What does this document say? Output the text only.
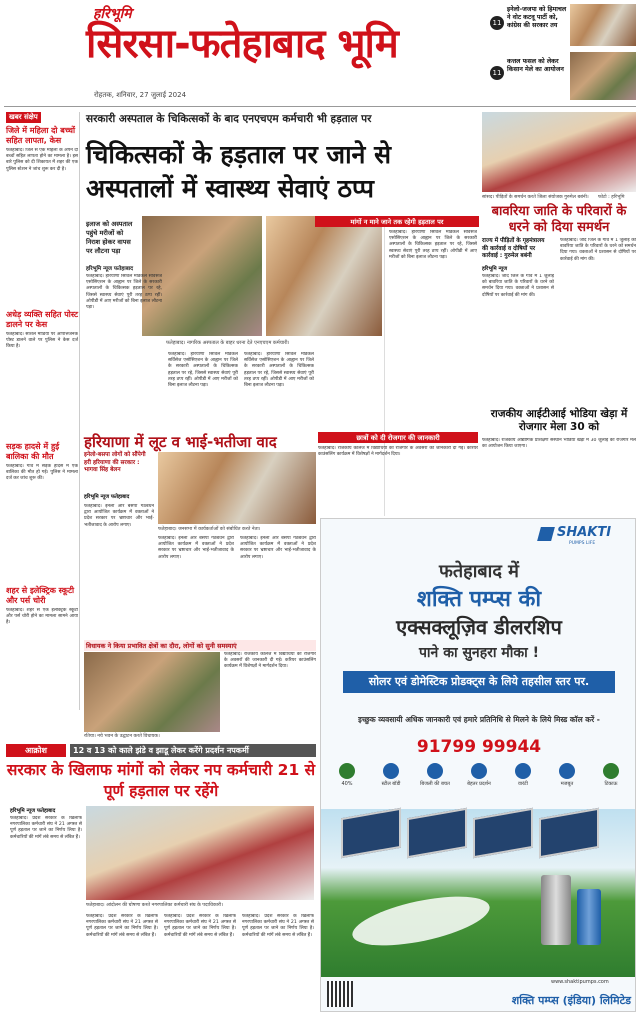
हरिभूमि
सिरसा-फतेहाबाद भूमि
रोहतक, शनिवार, 27 जुलाई 2024
11
इनेलो-जजपा को हिमाचल ने वोट कटवू पार्टी को, कांग्रेस की सरकार तय
11
कत्तल फसल को लेकर किसान मेले का आयोजन
खबर संक्षेप
जिले में महिला दो बच्चों सहित लापता, केस
फतेहाबाद। जिले से एक महिला के अपने दो बच्चों सहित लापता होने का मामला है। इस बारे पुलिस को दी शिकायत में शहर की एक पुलिस स्टेशन ने जांच शुरू कर दी है।
अधेड़ व्यक्ति सहित पोस्ट डालने पर केस
फतेहाबाद। सोशल मीडिया पर आपत्तिजनक पोस्ट डालने वाले पर पुलिस ने केस दर्ज किया है।
सड़क हादसे में हुई बालिका की मौत
फतेहाबाद। गांव में सड़क हादसे में एक बालिका की मौत हो गई। पुलिस ने मामला दर्ज कर जांच शुरू की।
शहर से इलेक्ट्रिक स्कूटी और पर्स चोरी
फतेहाबाद। शहर से एक इलेक्ट्रिक स्कूटी और पर्स चोरी होने का मामला सामने आया है।
सरकारी अस्पताल के चिकित्सकों के बाद एनएचएम कर्मचारी भी हड़ताल पर
चिकित्सकों के हड़ताल पर जाने से अस्पतालों में स्वास्थ्य सेवाएं ठप्प
इलाज को अस्पताल पहुंचे मरीजों को निराश होकर वापस पर लौटना पड़ा
फतेहाबाद। नागरिक अस्पताल के बाहर धरना देते एनएचएम कर्मचारी।
हरिभूमि न्यूज फतेहाबाद
फतेहाबाद। हरियाणा सिविल मेडिकल सर्विसेज एसोसिएशन के आह्वान पर जिले के सरकारी अस्पतालों के चिकित्सक हड़ताल पर रहे, जिससे स्वास्थ्य सेवाएं पूरी तरह ठप्प रहीं। ओपीडी में आए मरीजों को बिना इलाज लौटना पड़ा।
फतेहाबाद। हरियाणा सिविल मेडिकल सर्विसेज एसोसिएशन के आह्वान पर जिले के सरकारी अस्पतालों के चिकित्सक हड़ताल पर रहे, जिससे स्वास्थ्य सेवाएं पूरी तरह ठप्प रहीं। ओपीडी में आए मरीजों को बिना इलाज लौटना पड़ा।
फतेहाबाद। हरियाणा सिविल मेडिकल सर्विसेज एसोसिएशन के आह्वान पर जिले के सरकारी अस्पतालों के चिकित्सक हड़ताल पर रहे, जिससे स्वास्थ्य सेवाएं पूरी तरह ठप्प रहीं। ओपीडी में आए मरीजों को बिना इलाज लौटना पड़ा।
मांगों न माने जाने तक रहेगी हड़ताल पर
फतेहाबाद। हरियाणा सिविल मेडिकल सर्विसेज एसोसिएशन के आह्वान पर जिले के सरकारी अस्पतालों के चिकित्सक हड़ताल पर रहे, जिससे स्वास्थ्य सेवाएं पूरी तरह ठप्प रहीं। ओपीडी में आए मरीजों को बिना इलाज लौटना पड़ा।
सांसद। पीड़ितों के समर्थन करते जिला संयोजक गुरुमेल बबंनी।	फोटो : हरिभूमि
बावरिया जाति के परिवारों के धरने को दिया समर्थन
राज्य में पीड़ितों के गृहमंत्रालय की कार्रवाई व दोषियों पर कार्रवाई : गुरुमेल बबंनी
हरिभूमि न्यूज
फतेहाबाद। जींद जिले के गांव में 1 जुलाई को बावरिया जाति के परिवारों के धरने को समर्थन दिया गया। वक्ताओं ने प्रशासन से दोषियों पर कार्रवाई की मांग की।
फतेहाबाद। जींद जिले के गांव में 1 जुलाई को बावरिया जाति के परिवारों के धरने को समर्थन दिया गया। वक्ताओं ने प्रशासन से दोषियों पर कार्रवाई की मांग की।
राजकीय आईटीआई भोडिया खेड़ा में रोजगार मेला 30 को
फतेहाबाद। राजकीय औद्योगिक प्रशिक्षण संस्थान भोडिया खेड़ा में 30 जुलाई को रोजगार मेले का आयोजन किया जाएगा।
छात्रों को दी रोजगार की जानकारी
फतेहाबाद। राजकीय कालेज में विद्यार्थियों को रोजगार के अवसरों की जानकारी दी गई। करियर काउंसलिंग कार्यक्रम में विशेषज्ञों ने मार्गदर्शन दिया।
हरियाणा में लूट व भाई-भतीजा वाद
इनेलो-बसपा लोगों को सौंपेगी हरी हरियाणा की सरकार : भागवा सिंह बेलन
हरिभूमि न्यूज फतेहाबाद
फतेहाबाद। जनसभा में कार्यकर्ताओं को संबोधित करते नेता।
फतेहाबाद। इनेलो और बसपा गठबंधन द्वारा आयोजित कार्यक्रम में वक्ताओं ने प्रदेश सरकार पर भ्रष्टाचार और भाई-भतीजावाद के आरोप लगाए।
फतेहाबाद। इनेलो और बसपा गठबंधन द्वारा आयोजित कार्यक्रम में वक्ताओं ने प्रदेश सरकार पर भ्रष्टाचार और भाई-भतीजावाद के आरोप लगाए।
फतेहाबाद। इनेलो और बसपा गठबंधन द्वारा आयोजित कार्यक्रम में वक्ताओं ने प्रदेश सरकार पर भ्रष्टाचार और भाई-भतीजावाद के आरोप लगाए।
विधायक ने किया प्रभावित क्षेत्रों का दौरा, लोगों को सुनी समस्याएं
रतिया। नये भवन के उद्घाटन करते विधायक।
फतेहाबाद। राजकीय कालेज में विद्यार्थियों को रोजगार के अवसरों की जानकारी दी गई। करियर काउंसलिंग कार्यक्रम में विशेषज्ञों ने मार्गदर्शन दिया।
आक्रोश	12 व 13 को काले झंडे व झाडू लेकर करेंगे प्रदर्शन नपकर्मी
सरकार के खिलाफ मांगों को लेकर नप कर्मचारी 21 से पूर्ण हड़ताल पर रहेंगे
हरिभूमि न्यूज फतेहाबाद
फतेहाबाद। प्रदेश सरकार के खिलाफ नगरपालिका कर्मचारी संघ ने 21 अगस्त से पूर्ण हड़ताल पर जाने का निर्णय लिया है। कर्मचारियों की मांगें लंबे समय से लंबित हैं।
फतेहाबाद। आंदोलन की घोषणा करते नगरपालिका कर्मचारी संघ के पदाधिकारी।
फतेहाबाद। प्रदेश सरकार के खिलाफ नगरपालिका कर्मचारी संघ ने 21 अगस्त से पूर्ण हड़ताल पर जाने का निर्णय लिया है। कर्मचारियों की मांगें लंबे समय से लंबित हैं।
फतेहाबाद। प्रदेश सरकार के खिलाफ नगरपालिका कर्मचारी संघ ने 21 अगस्त से पूर्ण हड़ताल पर जाने का निर्णय लिया है। कर्मचारियों की मांगें लंबे समय से लंबित हैं।
फतेहाबाद। प्रदेश सरकार के खिलाफ नगरपालिका कर्मचारी संघ ने 21 अगस्त से पूर्ण हड़ताल पर जाने का निर्णय लिया है। कर्मचारियों की मांगें लंबे समय से लंबित हैं।
SHAKTI
PUMPS LIFE
फतेहाबाद में
शक्ति पम्प्स की
एक्सक्लूज़िव डीलरशिप
पाने का सुनहरा मौका !
सोलर एवं डोमेस्टिक प्रोडक्ट्स के लिये तहसील स्तर पर.
इच्छुक व्यवसायी अधिक जानकारी एवं हमारे प्रतिनिधि से मिलने के लिये मिस्ड कॉल करें -
91799 99944
40%	स्टील बॉडी	बिजली की बचत	बेहतर प्रदर्शन	वारंटी	मजबूत	टिकाऊ
www.shaktipumps.com
शक्ति पम्प्स (इंडिया) लिमिटेड
